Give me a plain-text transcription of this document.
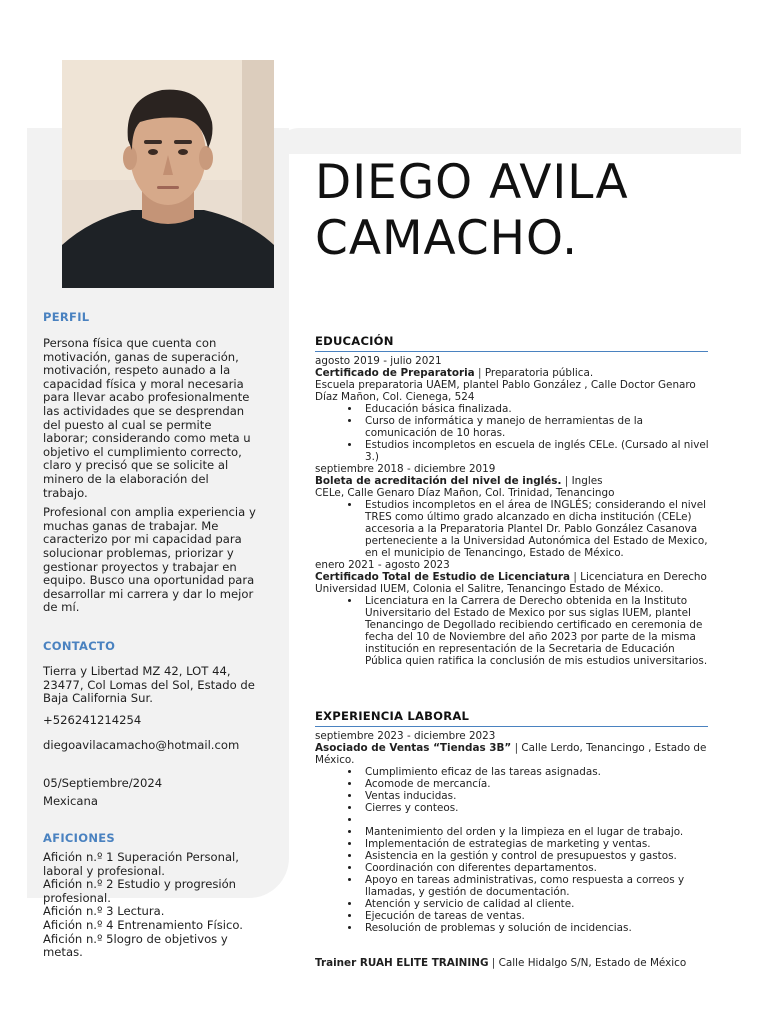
DIEGO AVILA
CAMACHO.
PERFIL

Persona física que cuenta con motivación, ganas de superación, motivación, respeto aunado a la capacidad física y moral necesaria para llevar acabo profesionalmente las actividades que se desprendan del puesto al cual se permite laborar; considerando como meta u objetivo el cumplimiento correcto, claro y precisó que se solicite al minero de la elaboración del trabajo.

Profesional con amplia experiencia y muchas ganas de trabajar. Me caracterizo por mi capacidad para solucionar problemas, priorizar y gestionar proyectos y trabajar en equipo. Busco una oportunidad para desarrollar mi carrera y dar lo mejor de mí.

CONTACTO

Tierra y Libertad MZ 42, LOT 44, 23477, Col Lomas del Sol, Estado de Baja California Sur.

+526241214254
diegoavilacamacho@hotmail.com
05/Septiembre/2024
Mexicana
AFICIONES

Afición n.º 1 Superación Personal, laboral y profesional.

Afición n.º 2 Estudio y progresión profesional.

Afición n.º 3 Lectura.

Afición n.º 4 Entrenamiento Físico.

Afición n.º 5logro de objetivos y metas.

EDUCACIÓN

agosto 2019 - julio 2021

Certificado de Preparatoria | Preparatoria pública.

Escuela preparatoria UAEM, plantel Pablo González , Calle Doctor Genaro Díaz Mañon, Col. Cienega, 524

• Educación básica finalizada.
• Curso de informática y manejo de herramientas de la comunicación de 10 horas.
• Estudios incompletos en escuela de inglés CELe. (Cursado al nivel 3.)

septiembre 2018 - diciembre 2019

Boleta de acreditación del nivel de inglés. | Ingles

CELe, Calle Genaro Díaz Mañon, Col. Trinidad, Tenancingo

• Estudios incompletos en el área de INGLÉS; considerando el nivel TRES como último grado alcanzado en dicha institución (CELe) accesoria a la Preparatoria Plantel Dr. Pablo González Casanova perteneciente a la Universidad Autonómica del Estado de Mexico, en el municipio de Tenancingo, Estado de México.

enero 2021 - agosto 2023

Certificado Total de Estudio de Licenciatura | Licenciatura en Derecho

Universidad IUEM, Colonia el Salitre, Tenancingo Estado de México.

• Licenciatura en la Carrera de Derecho obtenida en la Instituto Universitario del Estado de Mexico por sus siglas IUEM, plantel Tenancingo de Degollado recibiendo certificado en ceremonia de fecha del 10 de Noviembre del año 2023 por parte de la misma institución en representación de la Secretaria de Educación Pública quien ratifica la conclusión de mis estudios universitarios.
EXPERIENCIA LABORAL

septiembre 2023 - diciembre 2023

Asociado de Ventas “Tiendas 3B” | Calle Lerdo, Tenancingo , Estado de México.

• Cumplimiento eficaz de las tareas asignadas.
• Acomode de mercancía.
• Ventas inducidas.
• Cierres y conteos.
•
• Mantenimiento del orden y la limpieza en el lugar de trabajo.
• Implementación de estrategias de marketing y ventas.
• Asistencia en la gestión y control de presupuestos y gastos.
• Coordinación con diferentes departamentos.
• Apoyo en tareas administrativas, como respuesta a correos y llamadas, y gestión de documentación.
• Atención y servicio de calidad al cliente.
• Ejecución de tareas de ventas.
• Resolución de problemas y solución de incidencias.
Trainer RUAH ELITE TRAINING | Calle Hidalgo S/N, Estado de México
